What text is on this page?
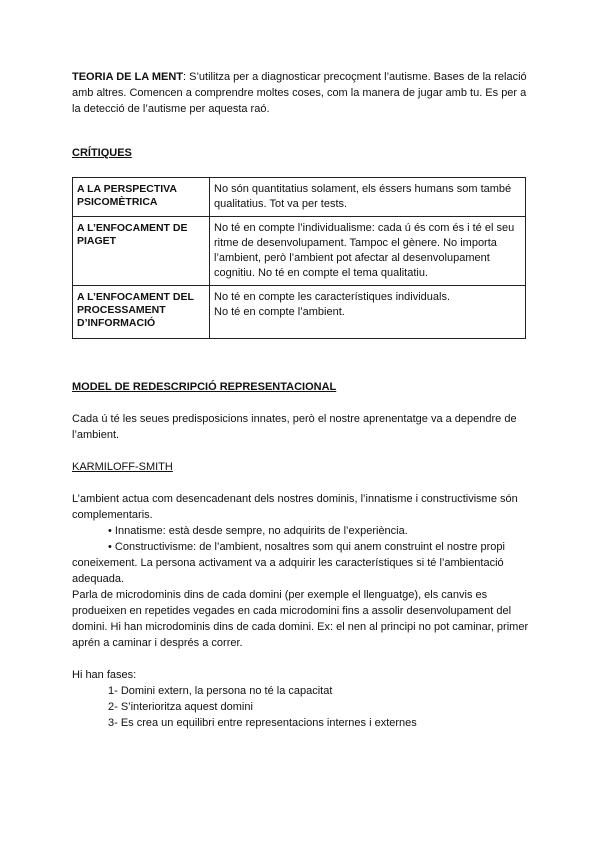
TEORIA DE LA MENT: S’utilitza per a diagnosticar precoçment l’autisme. Bases de la relació amb altres. Comencen a comprendre moltes coses, com la manera de jugar amb tu. Es per a la detecció de l’autisme per aquesta raó.

CRÍTIQUES
A LA PERSPECTIVA PSICOMÈTRICA	No són quantitatius solament, els éssers humans som també qualitatius. Tot va per tests.
A L’ENFOCAMENT DE PIAGET	No té en compte l’individualisme: cada ú és com és i té el seu ritme de desenvolupament. Tampoc el gènere. No importa l’ambient, però l’ambient pot afectar al desenvolupament cognitiu. No té en compte el tema qualitatiu.
A L’ENFOCAMENT DEL PROCESSAMENT D’INFORMACIÓ	No té en compte les característiques individuals.
No té en compte l’ambient.
MODEL DE REDESCRIPCIÓ REPRESENTACIONAL

Cada ú té les seues predisposicions innates, però el nostre aprenentatge va a dependre de l’ambient.

KARMILOFF-SMITH

L’ambient actua com desencadenant dels nostres dominis, l’innatisme i constructivisme són complementaris.

• Innatisme: està desde sempre, no adquirits de l’experiència.

• Constructivisme: de l’ambient, nosaltres som qui anem construint el nostre propi coneixement. La persona activament va a adquirir les característiques si té l’ambientació adequada.

Parla de microdominis dins de cada domini (per exemple el llenguatge), els canvis es produeixen en repetides vegades en cada microdomini fins a assolir desenvolupament del domini. Hi han microdominis dins de cada domini. Ex: el nen al principi no pot caminar, primer aprén a caminar i després a correr.

Hi han fases:

1- Domini extern, la persona no té la capacitat

2- S’interioritza aquest domini

3- Es crea un equilibri entre representacions internes i externes
